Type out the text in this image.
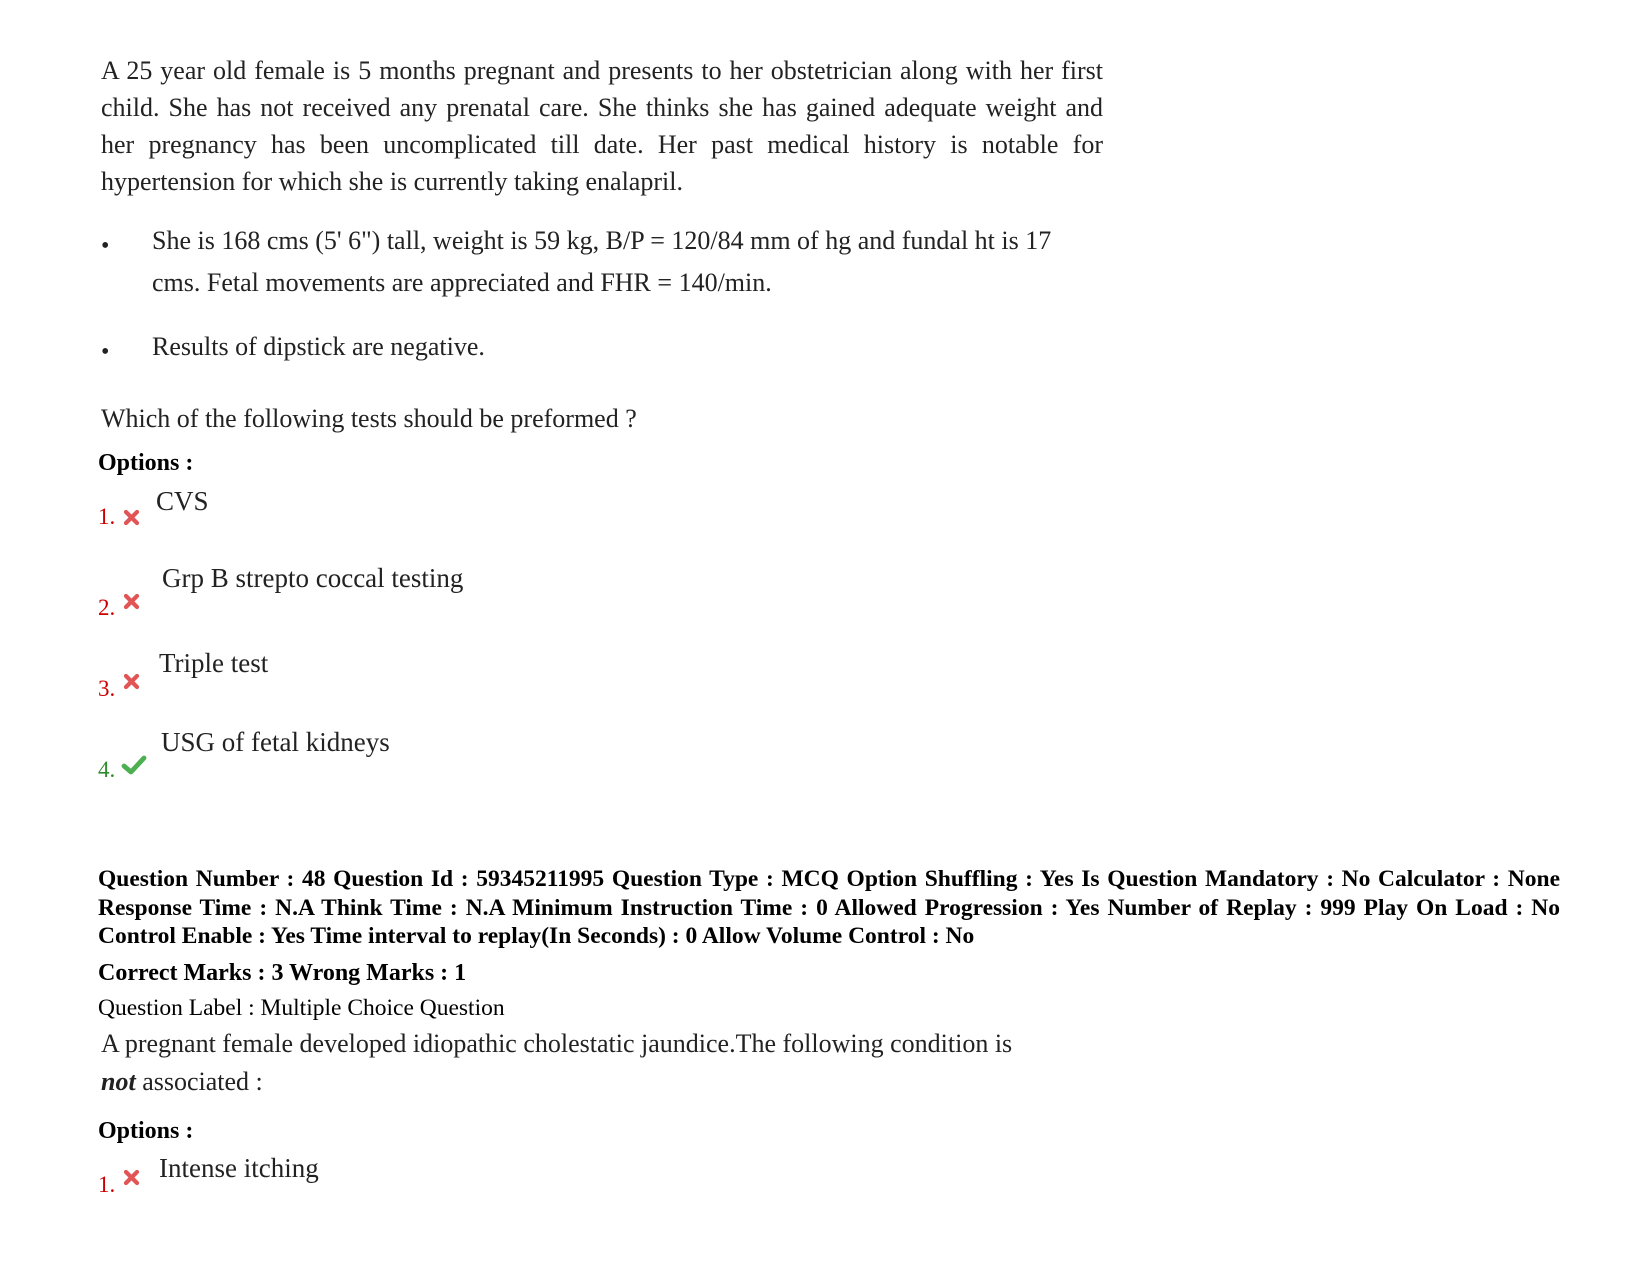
A 25 year old female is 5 months pregnant and presents to her obstetrician along with her first child. She has not received any prenatal care. She thinks she has gained adequate weight and her pregnancy has been uncomplicated till date. Her past medical history is notable for hypertension for which she is currently taking enalapril.
• She is 168 cms (5' 6") tall, weight is 59 kg, B/P = 120/84 mm of hg and fundal ht is 17 cms. Fetal movements are appreciated and FHR = 140/min.
• Results of dipstick are negative.
Which of the following tests should be preformed ?
Options :
1.
CVS
2.
Grp B strepto coccal testing
3.
Triple test
4.
USG of fetal kidneys
Question Number : 48 Question Id : 59345211995 Question Type : MCQ Option Shuffling : Yes Is Question Mandatory : No Calculator : None Response Time : N.A Think Time : N.A Minimum Instruction Time : 0 Allowed Progression : Yes Number of Replay : 999 Play On Load : No Control Enable : Yes Time interval to replay(In Seconds) : 0 Allow Volume Control : No
Correct Marks : 3 Wrong Marks : 1
Question Label : Multiple Choice Question
A pregnant female developed idiopathic cholestatic jaundice.The following condition is
not associated :
Options :
1.
Intense itching
